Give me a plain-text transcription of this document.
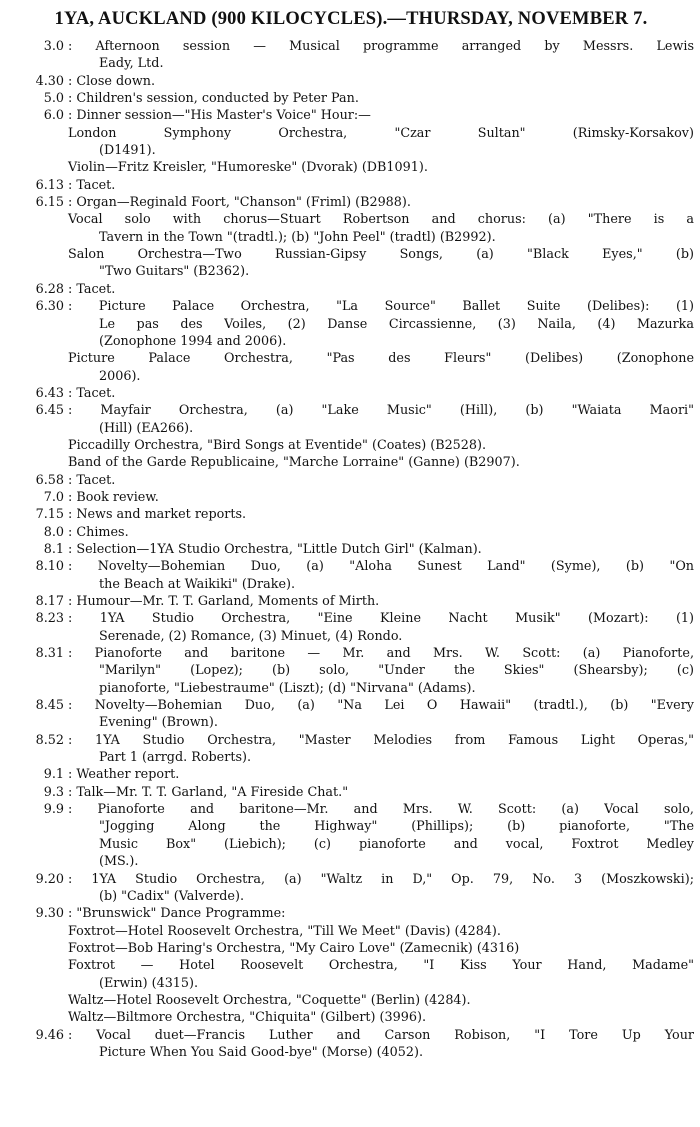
1YA, AUCKLAND (900 KILOCYCLES).—THURSDAY, NOVEMBER 7.
3.0 : Afternoon session — Musical programme arranged by Messrs. Lewis
Eady, Ltd.
4.30 : Close down.
5.0 : Children's session, conducted by Peter Pan.
6.0 : Dinner session—"His Master's Voice" Hour:—
London Symphony Orchestra, "Czar Sultan" (Rimsky-Korsakov)
(D1491).
Violin—Fritz Kreisler, "Humoreske" (Dvorak) (DB1091).
6.13 : Tacet.
6.15 : Organ—Reginald Foort, "Chanson" (Friml) (B2988).
Vocal solo with chorus—Stuart Robertson and chorus: (a) "There is a
Tavern in the Town "(tradtl.); (b) "John Peel" (tradtl) (B2992).
Salon Orchestra—Two Russian-Gipsy Songs, (a) "Black Eyes," (b)
"Two Guitars" (B2362).
6.28 : Tacet.
6.30 : Picture Palace Orchestra, "La Source" Ballet Suite (Delibes): (1)
Le pas des Voiles, (2) Danse Circassienne, (3) Naila, (4) Mazurka
(Zonophone 1994 and 2006).
Picture Palace Orchestra, "Pas des Fleurs" (Delibes) (Zonophone
2006).
6.43 : Tacet.
6.45 : Mayfair Orchestra, (a) "Lake Music" (Hill), (b) "Waiata Maori"
(Hill) (EA266).
Piccadilly Orchestra, "Bird Songs at Eventide" (Coates) (B2528).
Band of the Garde Republicaine, "Marche Lorraine" (Ganne) (B2907).
6.58 : Tacet.
7.0 : Book review.
7.15 : News and market reports.
8.0 : Chimes.
8.1 : Selection—1YA Studio Orchestra, "Little Dutch Girl" (Kalman).
8.10 : Novelty—Bohemian Duo, (a) "Aloha Sunest Land" (Syme), (b) "On
the Beach at Waikiki" (Drake).
8.17 : Humour—Mr. T. T. Garland, Moments of Mirth.
8.23 : 1YA Studio Orchestra, "Eine Kleine Nacht Musik" (Mozart): (1)
Serenade, (2) Romance, (3) Minuet, (4) Rondo.
8.31 : Pianoforte and baritone — Mr. and Mrs. W. Scott: (a) Pianoforte,
"Marilyn" (Lopez); (b) solo, "Under the Skies" (Shearsby); (c)
pianoforte, "Liebestraume" (Liszt); (d) "Nirvana" (Adams).
8.45 : Novelty—Bohemian Duo, (a) "Na Lei O Hawaii" (tradtl.), (b) "Every
Evening" (Brown).
8.52 : 1YA Studio Orchestra, "Master Melodies from Famous Light Operas,"
Part 1 (arrgd. Roberts).
9.1 : Weather report.
9.3 : Talk—Mr. T. T. Garland, "A Fireside Chat."
9.9 : Pianoforte and baritone—Mr. and Mrs. W. Scott: (a) Vocal solo,
"Jogging Along the Highway" (Phillips); (b) pianoforte, "The
Music Box" (Liebich); (c) pianoforte and vocal, Foxtrot Medley
(MS.).
9.20 : 1YA Studio Orchestra, (a) "Waltz in D," Op. 79, No. 3 (Moszkowski);
(b) "Cadix" (Valverde).
9.30 : "Brunswick" Dance Programme:
Foxtrot—Hotel Roosevelt Orchestra, "Till We Meet" (Davis) (4284).
Foxtrot—Bob Haring's Orchestra, "My Cairo Love" (Zamecnik) (4316)
Foxtrot — Hotel Roosevelt Orchestra, "I Kiss Your Hand, Madame"
(Erwin) (4315).
Waltz—Hotel Roosevelt Orchestra, "Coquette" (Berlin) (4284).
Waltz—Biltmore Orchestra, "Chiquita" (Gilbert) (3996).
9.46 : Vocal duet—Francis Luther and Carson Robison, "I Tore Up Your
Picture When You Said Good-bye" (Morse) (4052).
